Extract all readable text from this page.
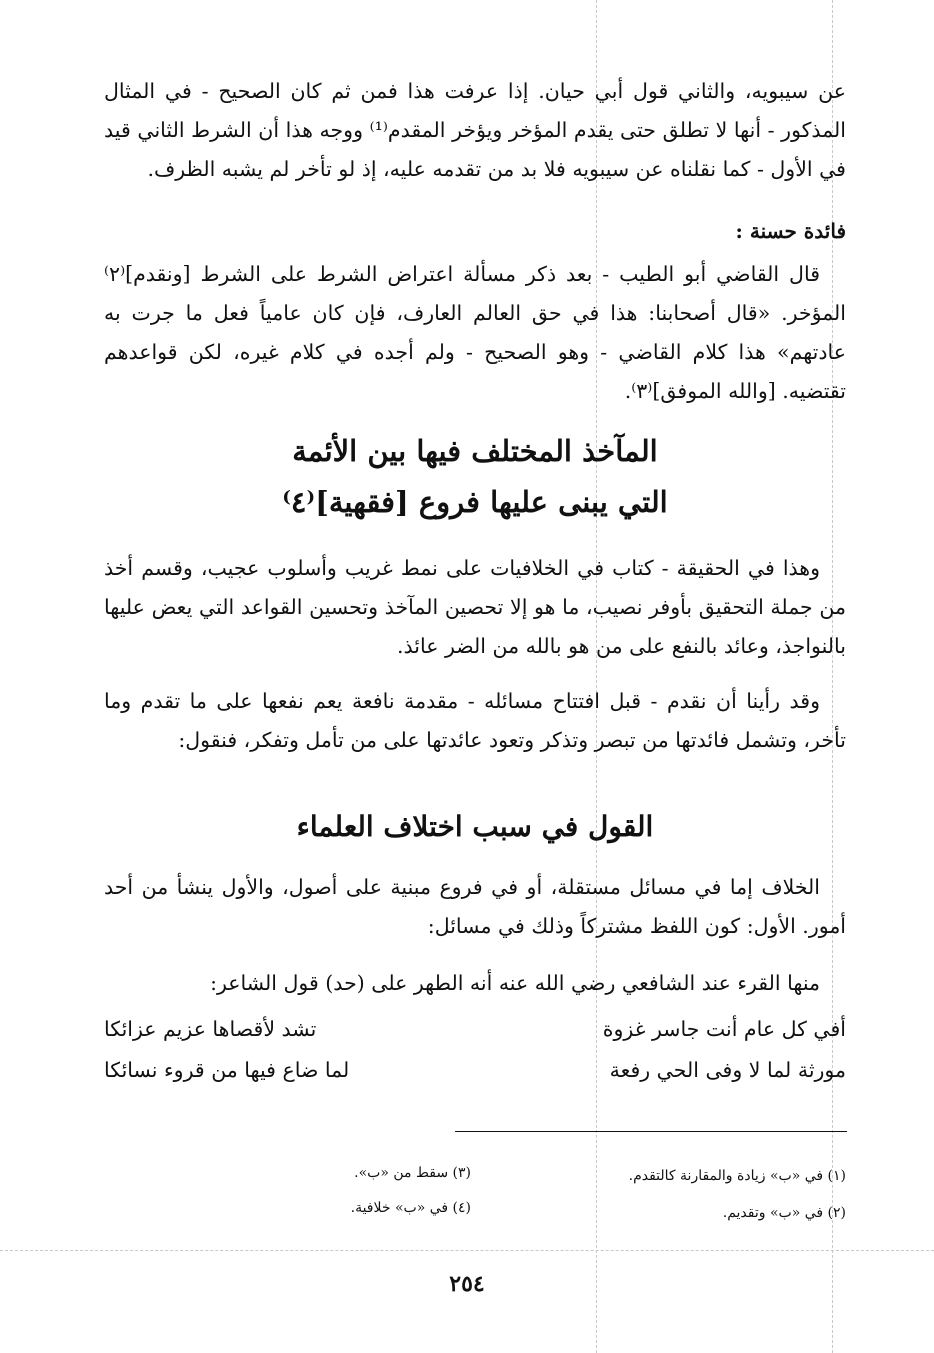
عن سيبويه، والثاني قول أبي حيان. إذا عرفت هذا فمن ثم كان الصحيح - في المثال المذكور - أنها لا تطلق حتى يقدم المؤخر ويؤخر المقدم⁽¹⁾ ووجه هذا أن الشرط الثاني قيد في الأول - كما نقلناه عن سيبويه فلا بد من تقدمه عليه، إذ لو تأخر لم يشبه الظرف.

فائدة حسنة :

قال القاضي أبو الطيب - بعد ذكر مسألة اعتراض الشرط على الشرط [ونقدم]⁽٢⁾ المؤخر. «قال أصحابنا: هذا في حق العالم العارف، فإن كان عامياً فعل ما جرت به عادتهم» هذا كلام القاضي - وهو الصحيح - ولم أجده في كلام غيره، لكن قواعدهم تقتضيه. [والله الموفق]⁽٣⁾.

المآخذ المختلف فيها بين الأئمة
التي يبنى عليها فروع [فقهية]⁽٤⁾

وهذا في الحقيقة - كتاب في الخلافيات على نمط غريب وأسلوب عجيب، وقسم أخذ من جملة التحقيق بأوفر نصيب، ما هو إلا تحصين المآخذ وتحسين القواعد التي يعض عليها بالنواجذ، وعائد بالنفع على من هو بالله من الضر عائذ.

وقد رأينا أن نقدم - قبل افتتاح مسائله - مقدمة نافعة يعم نفعها على ما تقدم وما تأخر، وتشمل فائدتها من تبصر وتذكر وتعود عائدتها على من تأمل وتفكر، فنقول:

القول في سبب اختلاف العلماء

الخلاف إما في مسائل مستقلة، أو في فروع مبنية على أصول، والأول ينشأ من أحد أمور. الأول: كون اللفظ مشتركاً وذلك في مسائل:

منها القرء عند الشافعي رضي الله عنه أنه الطهر على (حد) قول الشاعر:

أفي كل عام أنت جاسر غزوة
تشد لأقصاها عزيم عزائكا
مورثة لما لا وفى الحي رفعة
لما ضاع فيها من قروء نسائكا
(١) في «ب» زيادة والمقارنة كالتقدم.
(٢) في «ب» وتقديم.
(٣) سقط من «ب».
(٤) في «ب» خلافية.
٢٥٤
